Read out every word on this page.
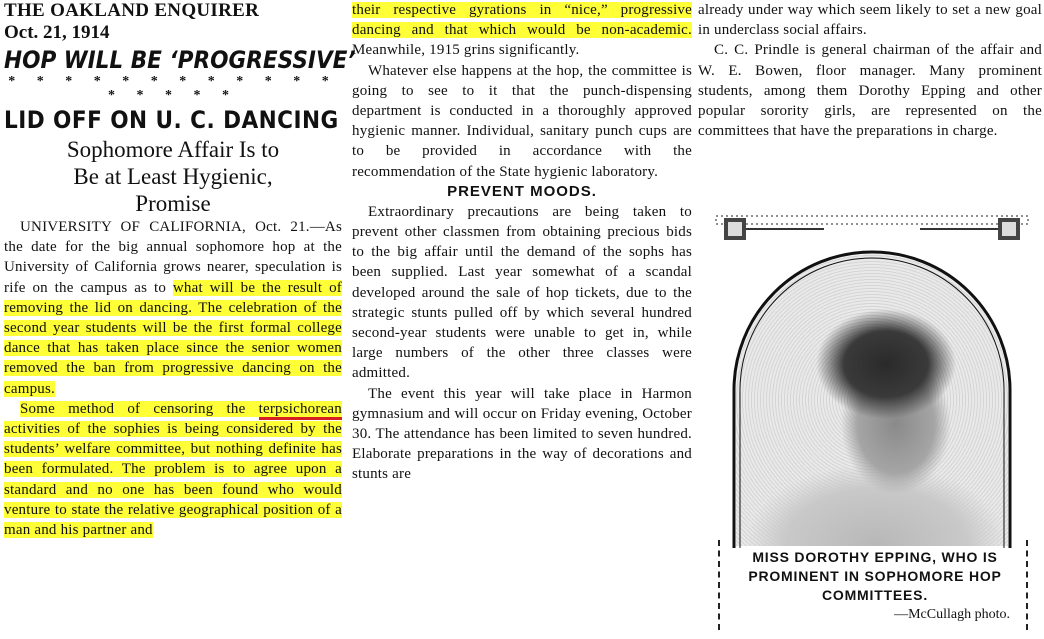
THE OAKLAND ENQUIRER
Oct. 21, 1914
HOP WILL BE ‘PROGRESSIVE’
* * * * * * * * * * * * * * * * *
LID OFF ON U. C. DANCING
Sophomore Affair Is to
Be at Least Hygienic,
Promise

UNIVERSITY OF CALIFORNIA, Oct. 21.—As the date for the big annual sophomore hop at the University of California grows nearer, speculation is rife on the campus as to what will be the result of removing the lid on dancing. The celebration of the second year students will be the first formal college dance that has taken place since the senior women removed the ban from progressive dancing on the campus.

Some method of censoring the terpsichorean activities of the sophies is being considered by the students’ welfare committee, but nothing definite has been formulated. The problem is to agree upon a standard and no one has been found who would venture to state the relative geographical position of a man and his partner and

their respective gyrations in “nice,” progressive dancing and that which would be non-academic. Meanwhile, 1915 grins significantly.

Whatever else happens at the hop, the committee is going to see to it that the punch-dispensing department is conducted in a thoroughly approved hygienic manner. Individual, sanitary punch cups are to be provided in accordance with the recommendation of the State hygienic laboratory.

PREVENT MOODS.

Extraordinary precautions are being taken to prevent other classmen from obtaining precious bids to the big affair until the demand of the sophs has been supplied. Last year somewhat of a scandal developed around the sale of hop tickets, due to the strategic stunts pulled off by which several hundred second-year students were unable to get in, while large numbers of the other three classes were admitted.

The event this year will take place in Harmon gymnasium and will occur on Friday evening, October 30. The attendance has been limited to seven hundred. Elaborate preparations in the way of decorations and stunts are

already under way which seem likely to set a new goal in underclass social affairs.

C. C. Prindle is general chairman of the affair and W. E. Bowen, floor manager. Many prominent students, among them Dorothy Epping and other popular sorority girls, are represented on the committees that have the preparations in charge.

MISS DOROTHY EPPING, WHO IS PROMINENT IN SOPHOMORE HOP COMMITTEES.
—McCullagh photo.
